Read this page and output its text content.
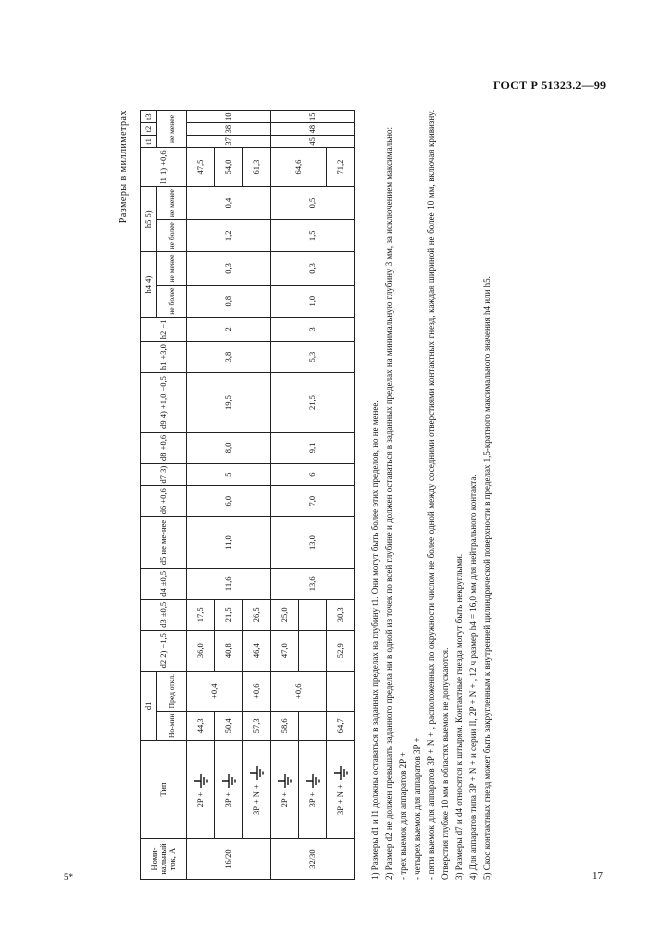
ГОСТ Р 51323.2—99
5*	17
Размеры в миллиметрах
Номи-нальный ток, А	Тип	d1		d2 2) −1,5	d3 ±0,5	d4 ±0,5	d5 не ме-нее	d6 +0,6	d7 3)	d8 +0,6	d9 4) +1,0 −0,5	h1 +3,0	h2 −1	h4 4)		h5 5)		l1 1) +0,6	t1	t2	t3
		Но-мин	Пред откл.											не более	не менее	не более	не менее		не менее		

16/20	2P +	44,3	+0,4	36,0	17,5	11,6	11,0	6,0	5	8,0	19,5	3,8	2	0,8	0,3	1,2	0,4	47,5	37	38	10
	3P +	50,4		40,8	21,5													54,0			
	3P + N +	57,3	+0,6	46,4	26,5													61,3			
32/30	2P +	58,6	+0,6	47,0	25,0	13,6	13,0	7,0	6	9,1	21,5	5,3	3	1,0	0,3	1,5	0,5	64,6	45	48	15
	3P +																				
	3P + N +	64,7		52,9	30,3													71,2			

1) Размеры d1 и l1 должны оставаться в заданных пределах на глубину t1. Они могут быть более этих пределов, но не менее. 2) Размер d2 не должен превышать заданного предела ни в одной из точек по всей глубине и должен оставаться в заданных пределах на минимальную глубину 3 мм, за исключением максимально: - трех выемок для аппаратов 2P + - четырех выемок для аппаратов 3P + - пяти выемок для аппаратов 3P + N + , расположенных по окружности числом не более одной между соседними отверстиями контактных гнезд, каждая шириной не более 10 мм, включая кривизну. Отверстия глубже 10 мм в областях выемок не допускаются. 3) Размеры d7 и d4 относятся к штырям. Контактные гнезда могут быть некруглыми. 4) Для аппаратов типа 3P + N + и серии II, 2P + N + , 12 ч размер h4 = 16,0 мм для нейтрального контакта. 5) Скос контактных гнезд может быть закругленным к внутренней цилиндрической поверхности в пределах 1,5-кратного максимального значения h4 или h5.
